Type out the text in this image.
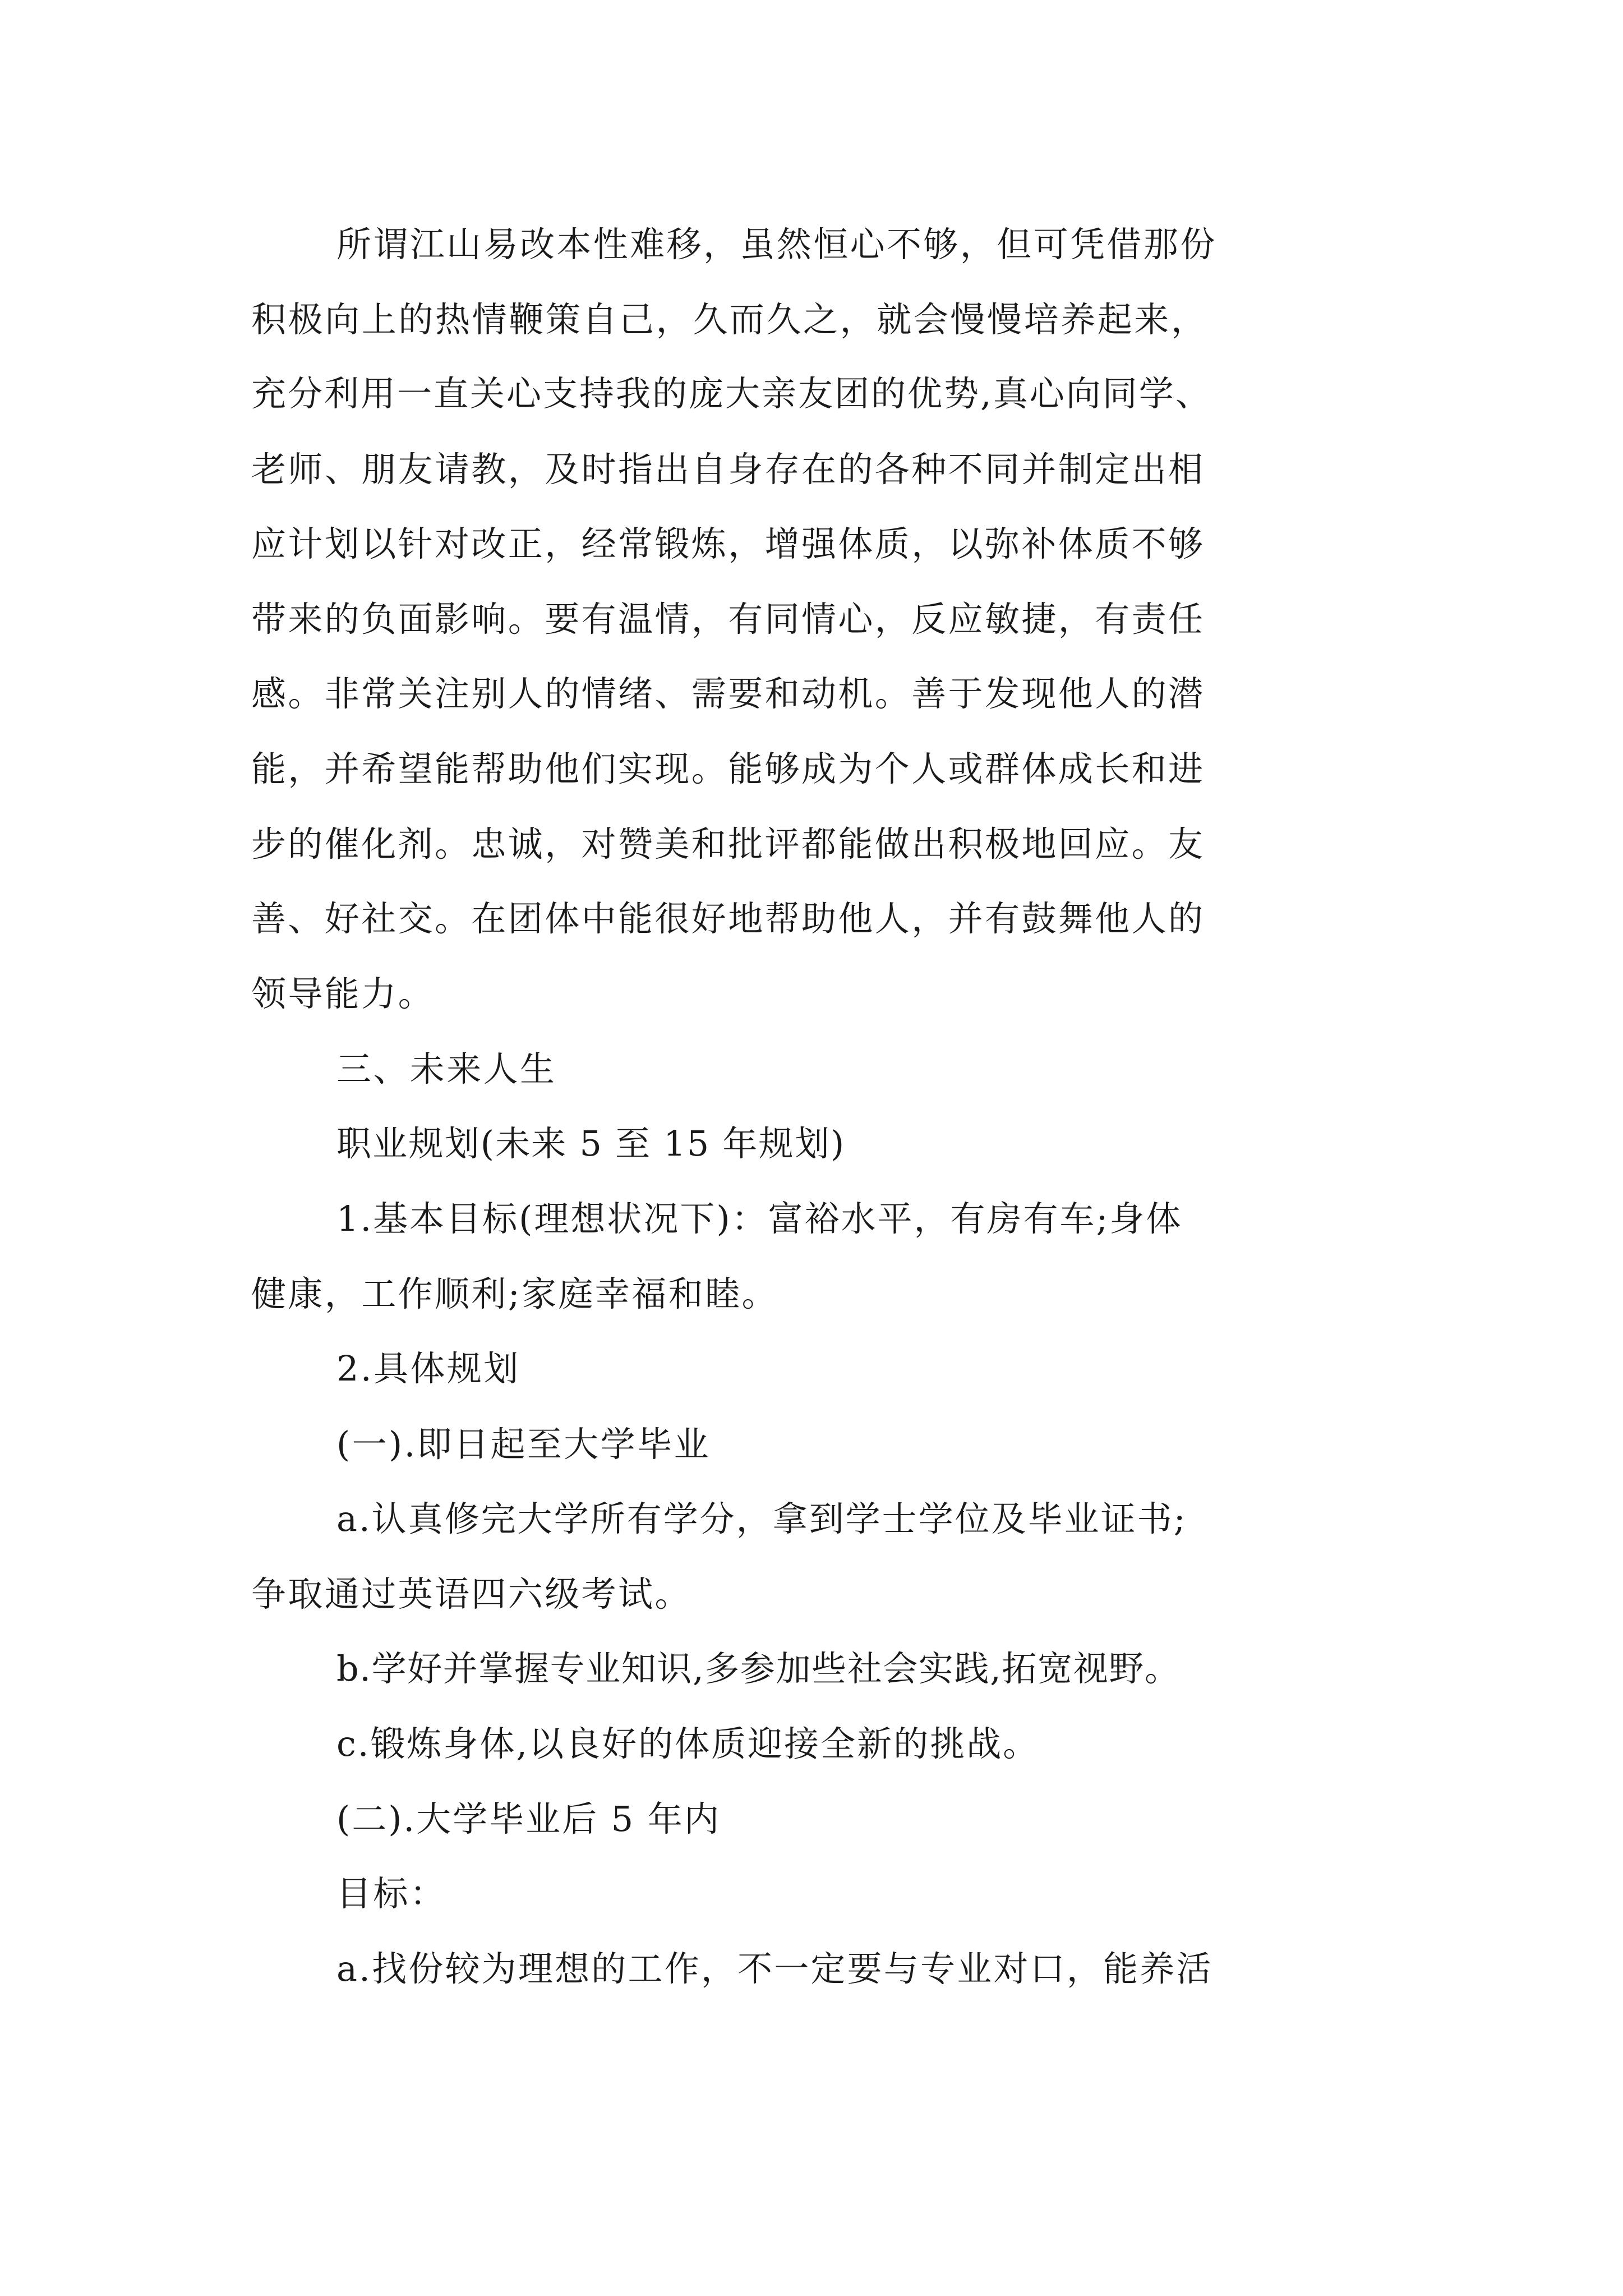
所谓江山易改本性难移，虽然恒心不够，但可凭借那份

积极向上的热情鞭策自己，久而久之，就会慢慢培养起来，

充分利用一直关心支持我的庞大亲友团的优势,真心向同学、

老师、朋友请教，及时指出自身存在的各种不同并制定出相

应计划以针对改正，经常锻炼，增强体质，以弥补体质不够

带来的负面影响。要有温情，有同情心，反应敏捷，有责任

感。非常关注别人的情绪、需要和动机。善于发现他人的潜

能，并希望能帮助他们实现。能够成为个人或群体成长和进

步的催化剂。忠诚，对赞美和批评都能做出积极地回应。友

善、好社交。在团体中能很好地帮助他人，并有鼓舞他人的

领导能力。

三、未来人生

职业规划(未来 5 至 15 年规划)

1.基本目标(理想状况下)：富裕水平，有房有车;身体

健康，工作顺利;家庭幸福和睦。

2.具体规划

(一).即日起至大学毕业

a.认真修完大学所有学分，拿到学士学位及毕业证书;

争取通过英语四六级考试。

b.学好并掌握专业知识,多参加些社会实践,拓宽视野。

c.锻炼身体,以良好的体质迎接全新的挑战。

(二).大学毕业后 5 年内

目标：

a.找份较为理想的工作，不一定要与专业对口，能养活
